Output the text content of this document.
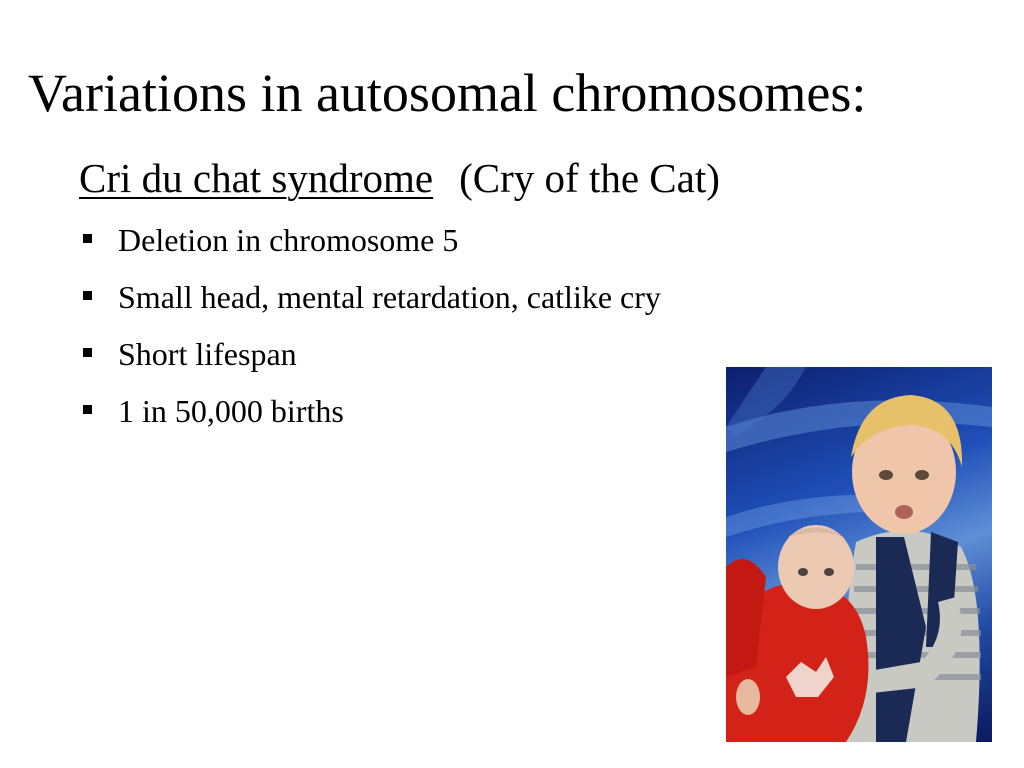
Variations in autosomal chromosomes:
Cri du chat syndrome (Cry of the Cat)
Deletion in chromosome 5
Small head, mental retardation, catlike cry
Short lifespan
1 in 50,000 births
